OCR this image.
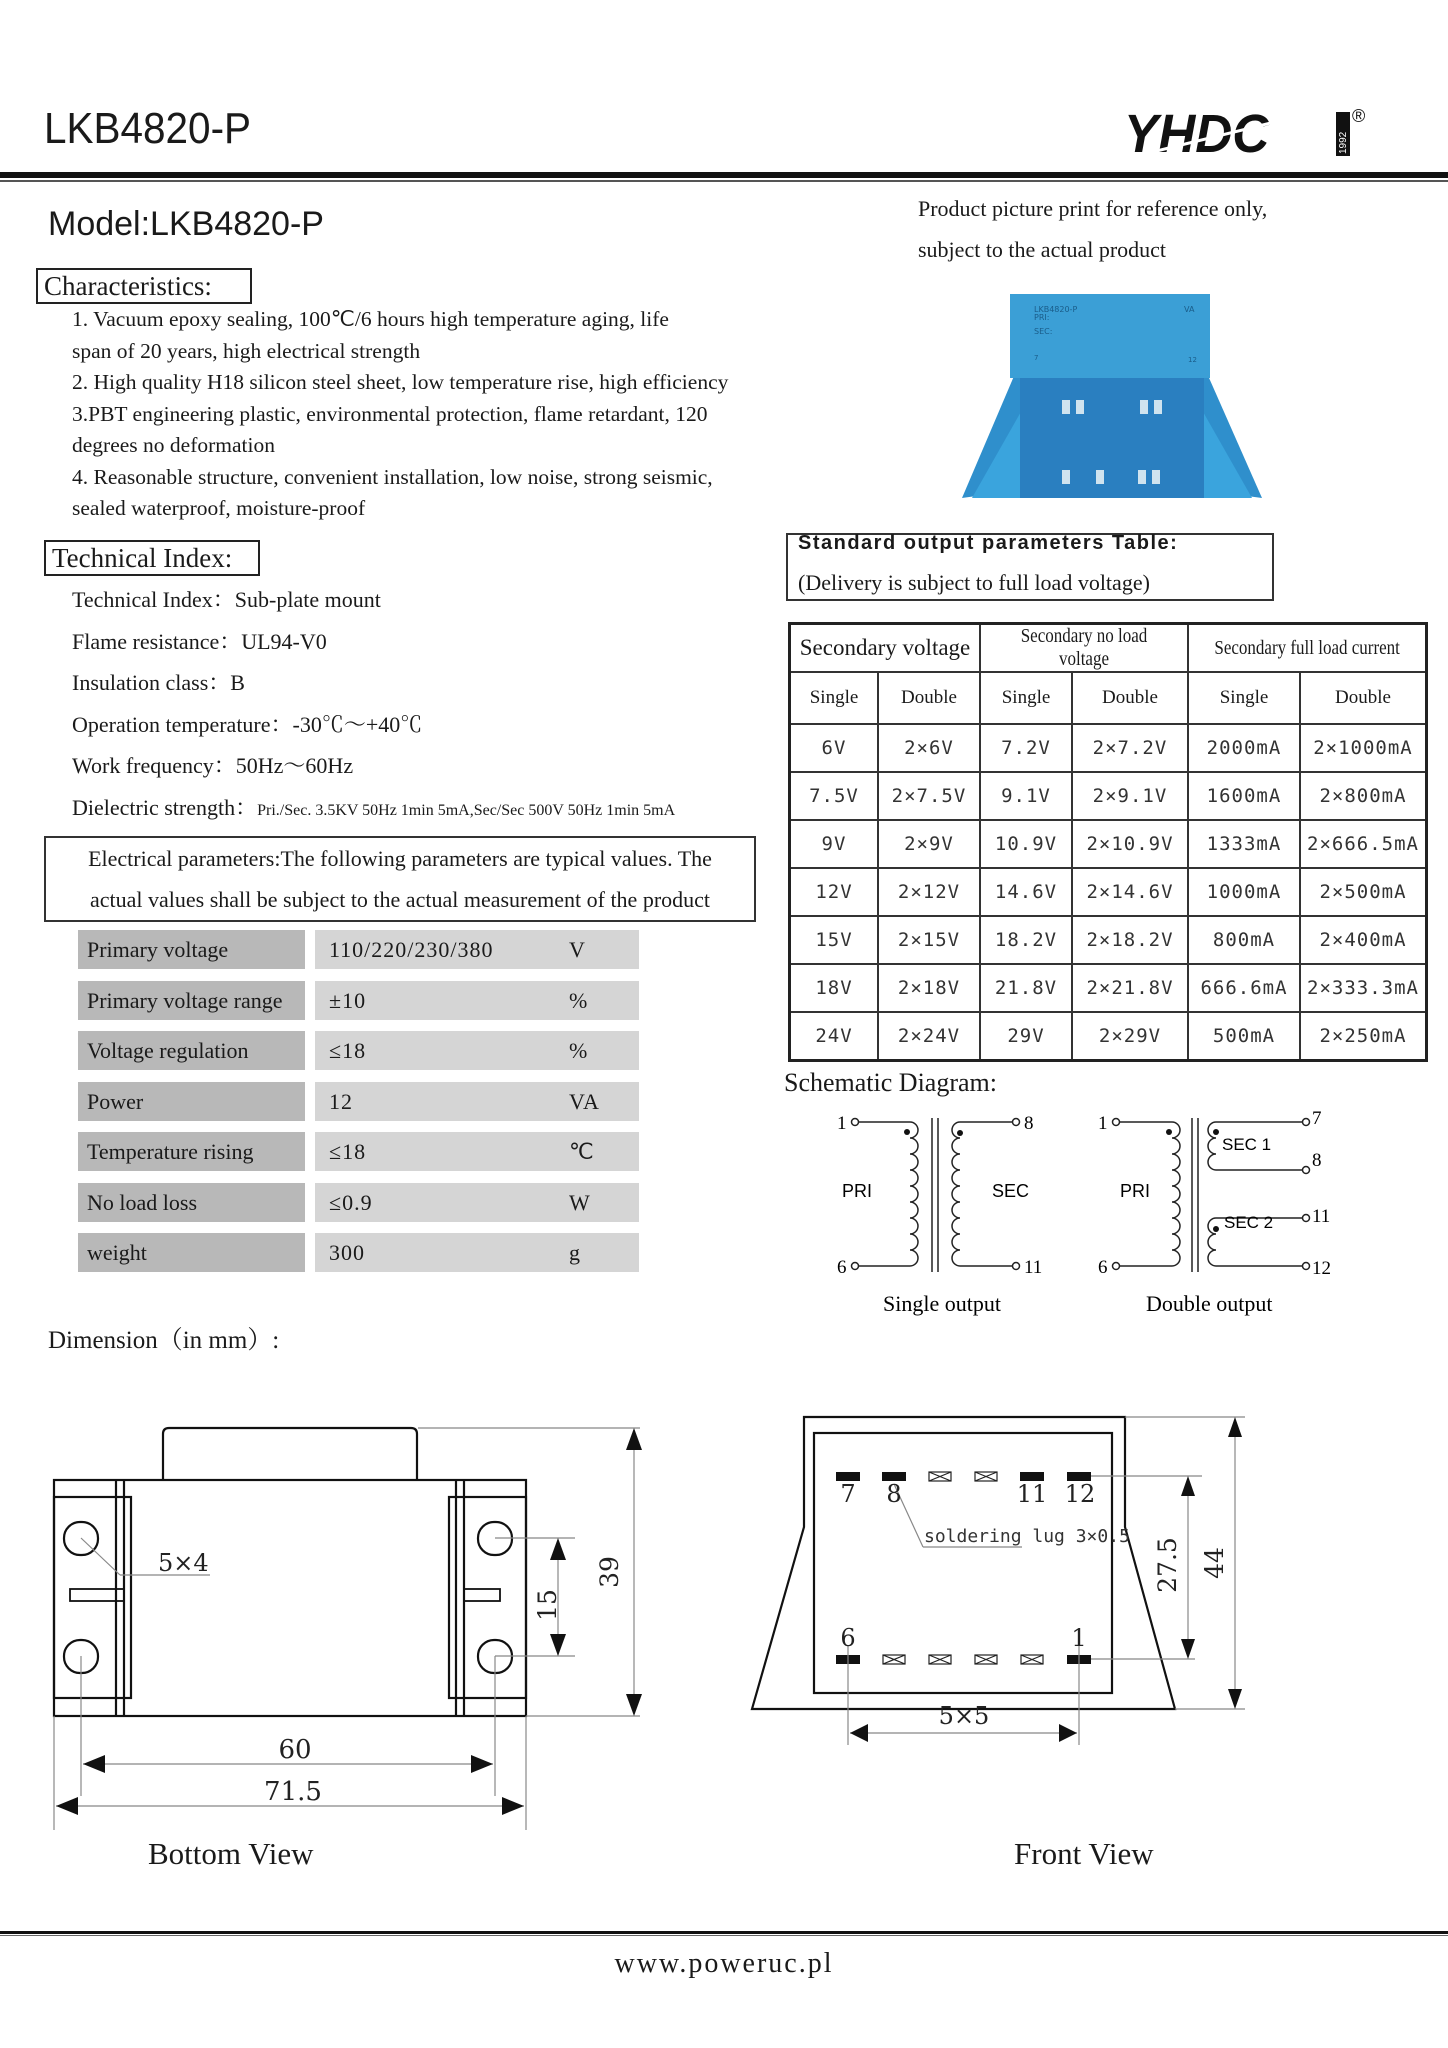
LKB4820-P	YHDC	1992
®
Model:LKB4820-P
Characteristics:
1. Vacuum epoxy sealing, 100℃/6 hours high temperature aging, life
span of 20 years, high electrical strength
2. High quality H18 silicon steel sheet, low temperature rise, high efficiency
3.PBT engineering plastic, environmental protection, flame retardant, 120
degrees no deformation
4. Reasonable structure, convenient installation, low noise, strong seismic,
sealed waterproof, moisture-proof
Technical Index:
Technical Index：Sub-plate mount
Flame resistance：UL94-V0
Insulation class：B
Operation temperature：-30℃～+40℃
Work frequency：50Hz～60Hz
Dielectric strength：Pri./Sec. 3.5KV 50Hz 1min 5mA,Sec/Sec 500V 50Hz 1min 5mA
Electrical parameters:The following parameters are typical values. The
actual values shall be subject to the actual measurement of the product
Primary voltage	110/220/230/380	V
Primary voltage range	±10	%
Voltage regulation	≤18	%
Power	12	VA
Temperature rising	≤18	℃
No load loss	≤0.9	W
weight	300	g
Product picture print for reference only,
subject to the actual product
LKB4820-P
PRI:
SEC:
VA
7	12
Standard output parameters Table:
(Delivery is subject to full load voltage)
Secondary voltage		Secondary no load voltage		Secondary full load current	
Single	Double	Single	Double	Single	Double
6V	2×6V	7.2V	2×7.2V	2000mA	2×1000mA
7.5V	2×7.5V	9.1V	2×9.1V	1600mA	2×800mA
9V	2×9V	10.9V	2×10.9V	1333mA	2×666.5mA
12V	2×12V	14.6V	2×14.6V	1000mA	2×500mA
15V	2×15V	18.2V	2×18.2V	800mA	2×400mA
18V	2×18V	21.8V	2×21.8V	666.6mA	2×333.3mA
24V	2×24V	29V	2×29V	500mA	2×250mA
Schematic Diagram:
1
6
8
11
PRI	SEC
Single output
1
6
7
8
11
12
PRI
SEC 1
SEC 2
Double output
Dimension（in mm）:
5×4
15
39
60
71.5
7 8	11 12
6	1
soldering lug 3×0.5
27.5 44
5×5
Bottom View	Front View
www.poweruc.pl
